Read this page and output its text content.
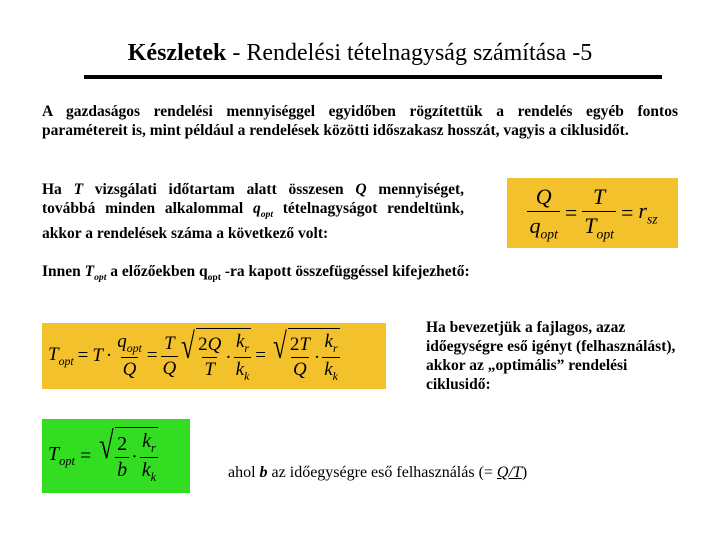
Készletek - Rendelési tételnagyság számítása -5
A gazdaságos rendelési mennyiséggel egyidőben rögzítettük a rendelés egyéb fontos paramétereit is, mint például a rendelések közötti időszakasz hosszát, vagyis a ciklusidőt.
Ha T vizsgálati időtartam alatt összesen Q mennyiséget, továbbá minden alkalommal $q_{opt}$ tételnagyságot rendeltünk, akkor a rendelések száma a következő volt:	$\frac{Q}{q_{opt}} = \frac{T}{T_{opt}} = r_{sz}$
Innen $T_{opt}$ a előzőekben $q_{opt}$ -ra kapott összefüggéssel kifejezhető:
$T_{opt} = T \cdot \frac{q_{opt}}{Q} = \frac{T}{Q}$ √ $\frac{2Q}{T} \cdot \frac{k_r}{k_k}$ = √ $\frac{2T}{Q} \cdot \frac{k_r}{k_k}$
Ha bevezetjük a fajlagos, azaz időegységre eső igényt (felhasználást), akkor az „optimális” rendelési ciklusidő:
$T_{opt}$ = √ $\frac{2}{b} \cdot \frac{k_r}{k_k}$	ahol b az időegységre eső felhasználás (= Q/T)
